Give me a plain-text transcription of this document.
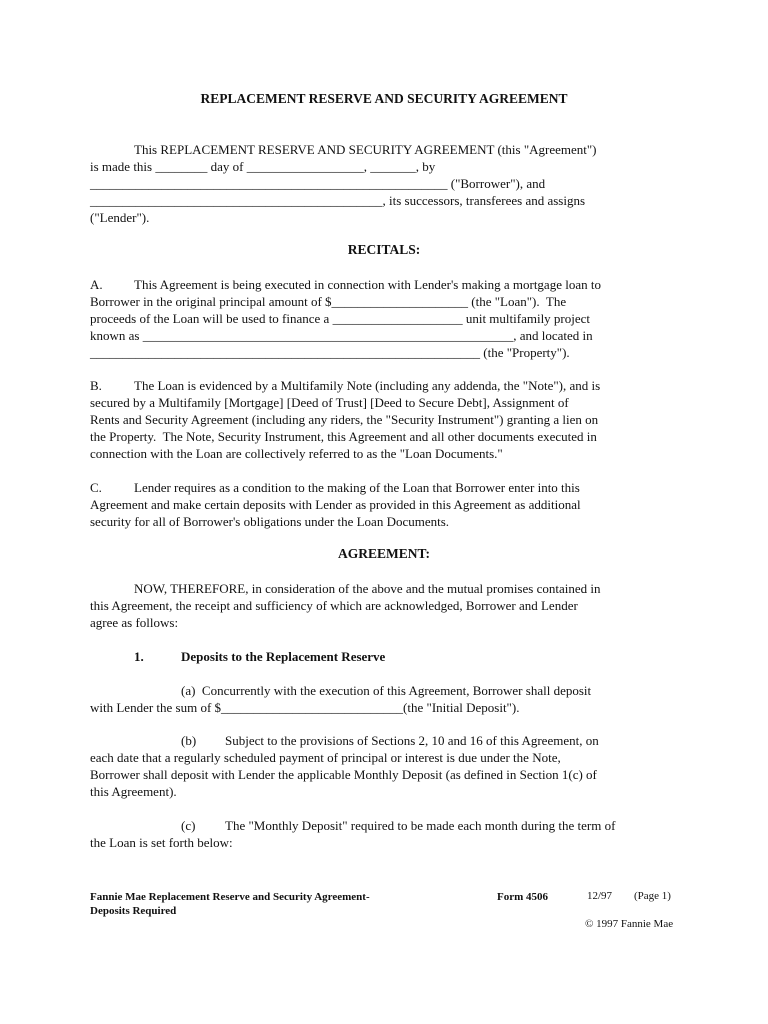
REPLACEMENT RESERVE AND SECURITY AGREEMENT
This REPLACEMENT RESERVE AND SECURITY AGREEMENT (this "Agreement")
is made this ________ day of __________________, _______, by
_______________________________________________________ ("Borrower"), and
_____________________________________________, its successors, transferees and assigns
("Lender").
RECITALS:
A. This Agreement is being executed in connection with Lender's making a mortgage loan to
Borrower in the original principal amount of $_____________________ (the "Loan").  The
proceeds of the Loan will be used to finance a ____________________ unit multifamily project
known as _________________________________________________________, and located in
____________________________________________________________ (the "Property").
B. The Loan is evidenced by a Multifamily Note (including any addenda, the "Note"), and is
secured by a Multifamily [Mortgage] [Deed of Trust] [Deed to Secure Debt], Assignment of
Rents and Security Agreement (including any riders, the "Security Instrument") granting a lien on
the Property.  The Note, Security Instrument, this Agreement and all other documents executed in
connection with the Loan are collectively referred to as the "Loan Documents."
C. Lender requires as a condition to the making of the Loan that Borrower enter into this
Agreement and make certain deposits with Lender as provided in this Agreement as additional
security for all of Borrower's obligations under the Loan Documents.
AGREEMENT:
NOW, THEREFORE, in consideration of the above and the mutual promises contained in
this Agreement, the receipt and sufficiency of which are acknowledged, Borrower and Lender
agree as follows:
1.	Deposits to the Replacement Reserve
(a)  Concurrently with the execution of this Agreement, Borrower shall deposit
with Lender the sum of $____________________________(the "Initial Deposit").
(b) Subject to the provisions of Sections 2, 10 and 16 of this Agreement, on
each date that a regularly scheduled payment of principal or interest is due under the Note,
Borrower shall deposit with Lender the applicable Monthly Deposit (as defined in Section 1(c) of
this Agreement).
(c) The "Monthly Deposit" required to be made each month during the term of
the Loan is set forth below:
Fannie Mae Replacement Reserve and Security Agreement-
Deposits Required
Form 4506	12/97 (Page 1)
© 1997 Fannie Mae
